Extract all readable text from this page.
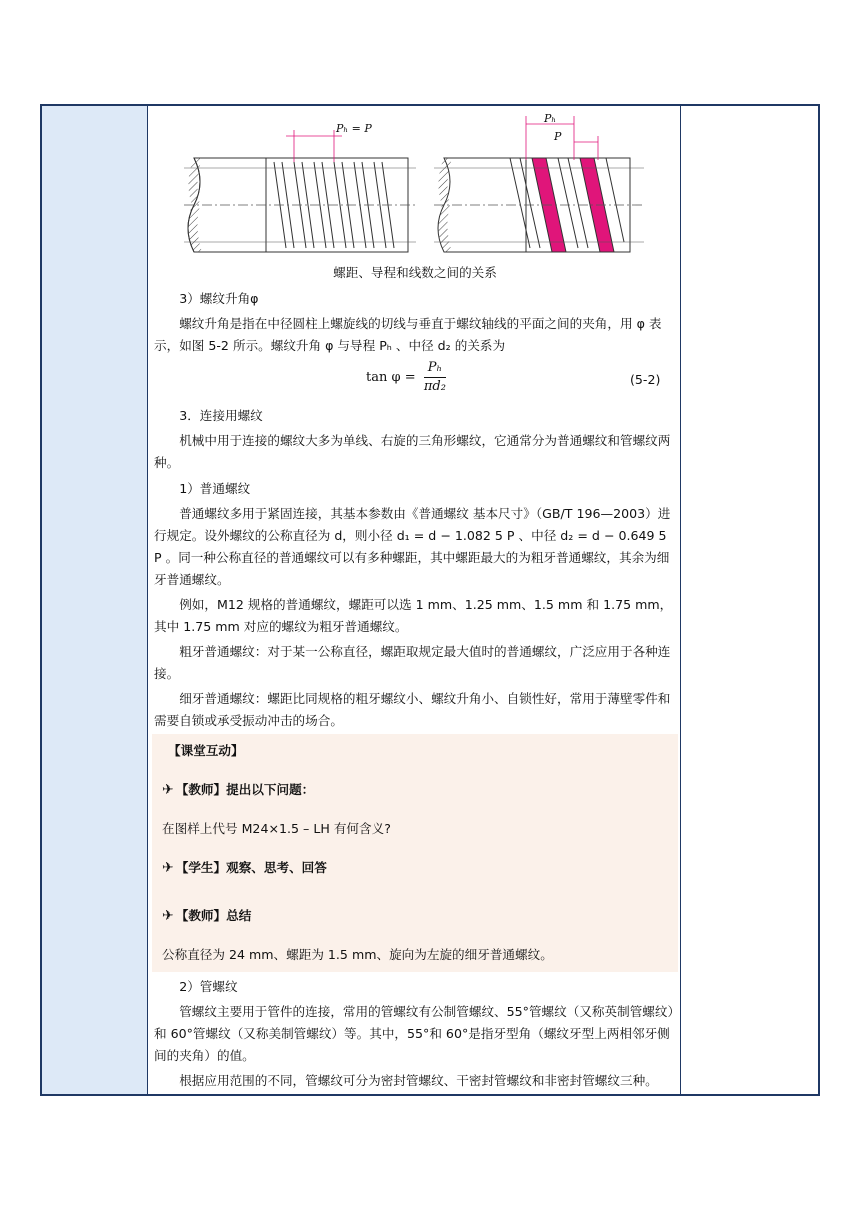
Pₕ = P
Pₕ
P

螺距、导程和线数之间的关系

3）螺纹升角φ

螺纹升角是指在中径圆柱上螺旋线的切线与垂直于螺纹轴线的平面之间的夹角，用 φ 表示，如图 5-2 所示。螺纹升角 φ 与导程 Pₕ 、中径 d₂ 的关系为

$\tan \varphi = \frac{\text{Pₕ}}{\text{πd₂}}$	(5-2)

3．连接用螺纹

机械中用于连接的螺纹大多为单线、右旋的三角形螺纹，它通常分为普通螺纹和管螺纹两种。

1）普通螺纹

普通螺纹多用于紧固连接，其基本参数由《普通螺纹 基本尺寸》（GB/T 196—2003）进行规定。设外螺纹的公称直径为 d，则小径 d₁ = d − 1.082 5 P 、中径 d₂ = d − 0.649 5 P 。同一种公称直径的普通螺纹可以有多种螺距，其中螺距最大的为粗牙普通螺纹，其余为细牙普通螺纹。

例如，M12 规格的普通螺纹，螺距可以选 1 mm、1.25 mm、1.5 mm 和 1.75 mm，其中 1.75 mm 对应的螺纹为粗牙普通螺纹。

粗牙普通螺纹：对于某一公称直径，螺距取规定最大值时的普通螺纹，广泛应用于各种连接。

细牙普通螺纹：螺距比同规格的粗牙螺纹小、螺纹升角小、自锁性好，常用于薄壁零件和需要自锁或承受振动冲击的场合。

【课堂互动】

✈ 【教师】提出以下问题：

在图样上代号 M24×1.5 – LH 有何含义?

✈ 【学生】观察、思考、回答

✈ 【教师】总结

公称直径为 24 mm、螺距为 1.5 mm、旋向为左旋的细牙普通螺纹。

2）管螺纹

管螺纹主要用于管件的连接，常用的管螺纹有公制管螺纹、55°管螺纹（又称英制管螺纹）和 60°管螺纹（又称美制管螺纹）等。其中，55°和 60°是指牙型角（螺纹牙型上两相邻牙侧间的夹角）的值。

根据应用范围的不同，管螺纹可分为密封管螺纹、干密封管螺纹和非密封管螺纹三种。
